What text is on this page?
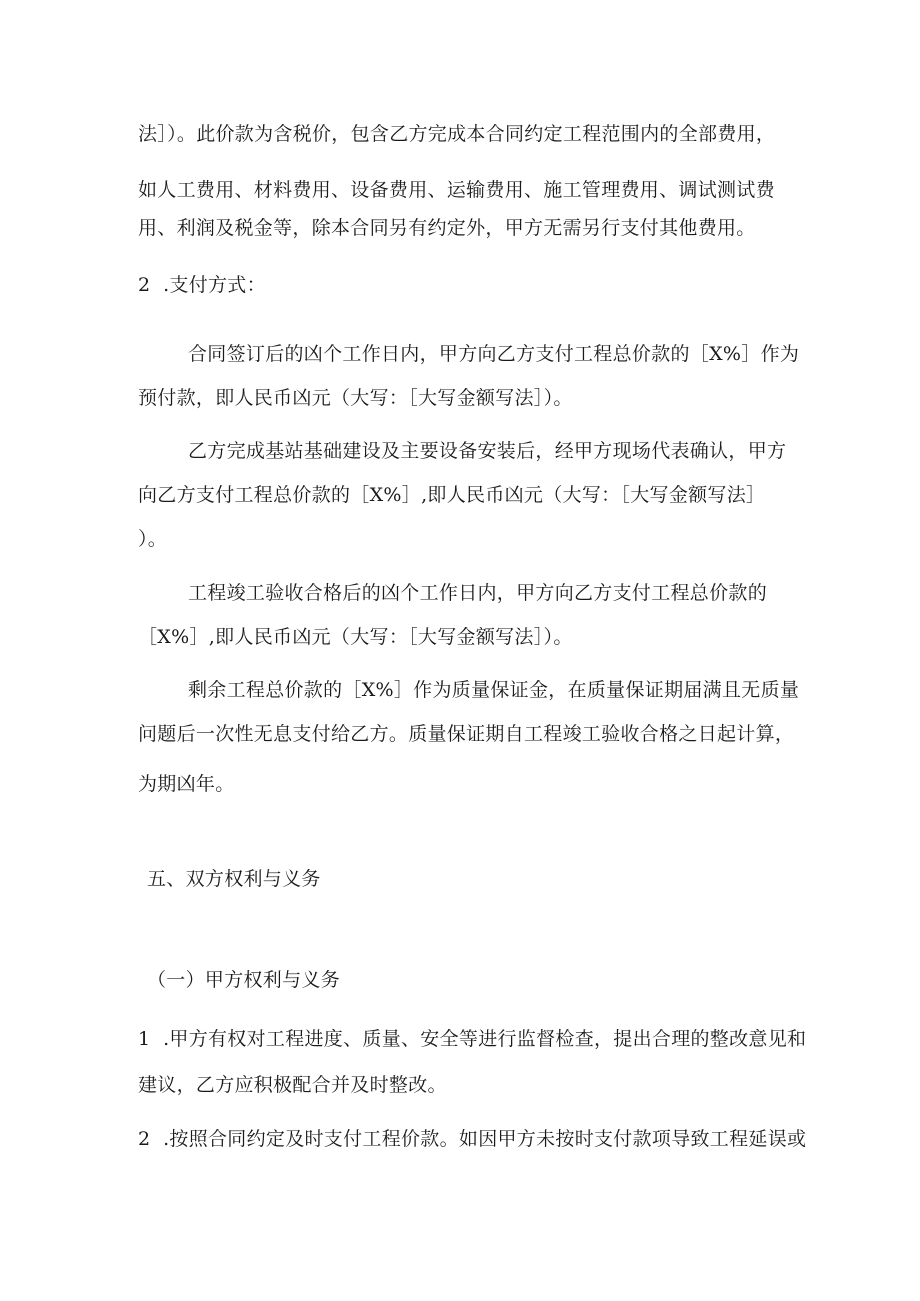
法］）。此价款为含税价，包含乙方完成本合同约定工程范围内的全部费用，
如人工费用、材料费用、设备费用、运输费用、施工管理费用、调试测试费
用、利润及税金等，除本合同另有约定外，甲方无需另行支付其他费用。
2  .支付方式：
合同签订后的凶个工作日内，甲方向乙方支付工程总价款的［X%］作为
预付款，即人民币凶元（大写：［大写金额写法］）。
乙方完成基站基础建设及主要设备安装后，经甲方现场代表确认，甲方
向乙方支付工程总价款的［X%］,即人民币凶元（大写：［大写金额写法］
）。
工程竣工验收合格后的凶个工作日内，甲方向乙方支付工程总价款的
［X%］,即人民币凶元（大写：［大写金额写法］）。
剩余工程总价款的［X%］作为质量保证金，在质量保证期届满且无质量
问题后一次性无息支付给乙方。质量保证期自工程竣工验收合格之日起计算，
为期凶年。
五、双方权利与义务
（一）甲方权利与义务
1  .甲方有权对工程进度、质量、安全等进行监督检查，提出合理的整改意见和
建议，乙方应积极配合并及时整改。
2  .按照合同约定及时支付工程价款。如因甲方未按时支付款项导致工程延误或
